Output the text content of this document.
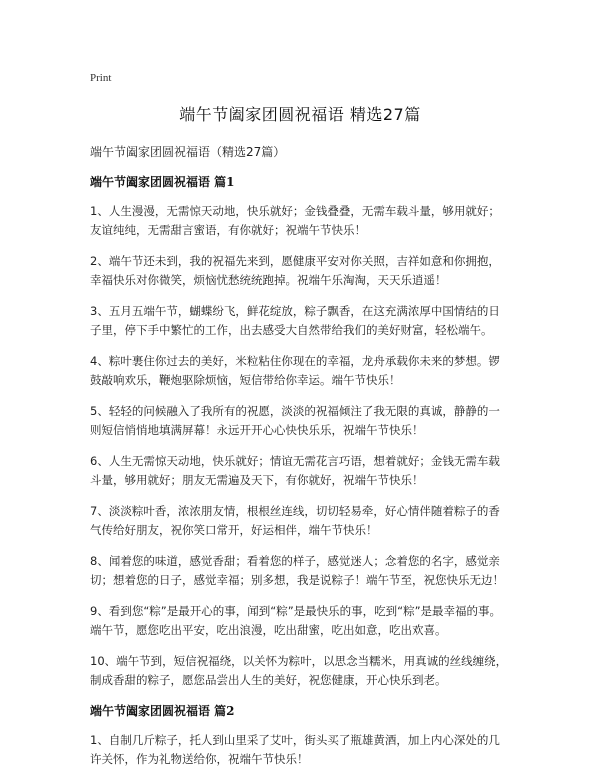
Print
端午节阖家团圆祝福语 精选27篇

端午节阖家团圆祝福语（精选27篇）

端午节阖家团圆祝福语 篇1

1、人生漫漫，无需惊天动地，快乐就好；金钱叠叠，无需车载斗量，够用就好；友谊纯纯，无需甜言蜜语，有你就好；祝端午节快乐！

2、端午节还未到，我的祝福先来到，愿健康平安对你关照，吉祥如意和你拥抱，幸福快乐对你微笑，烦恼忧愁统统跑掉。祝端午乐淘淘，天天乐逍遥！

3、五月五端午节，蝴蝶纷飞，鲜花绽放，粽子飘香，在这充满浓厚中国情结的日子里，停下手中繁忙的工作，出去感受大自然带给我们的美好财富，轻松端午。

4、粽叶裹住你过去的美好，米粒粘住你现在的幸福，龙舟承载你未来的梦想。锣鼓敲响欢乐，鞭炮驱除烦恼，短信带给你幸运。端午节快乐！

5、轻轻的问候融入了我所有的祝愿，淡淡的祝福倾注了我无限的真诚，静静的一则短信悄悄地填满屏幕！永远开开心心快快乐乐，祝端午节快乐！

6、人生无需惊天动地，快乐就好；情谊无需花言巧语，想着就好；金钱无需车载斗量，够用就好；朋友无需遍及天下，有你就好，祝端午节快乐！

7、淡淡粽叶香，浓浓朋友情，根根丝连线，切切轻易牵，好心情伴随着粽子的香气传给好朋友，祝你笑口常开，好运相伴，端午节快乐！

8、闻着您的味道，感觉香甜；看着您的样子，感觉迷人；念着您的名字，感觉亲切；想着您的日子，感觉幸福；别多想，我是说粽子！端午节至，祝您快乐无边！

9、看到您“粽”是最开心的事，闻到“粽”是最快乐的事，吃到“粽”是最幸福的事。端午节，愿您吃出平安，吃出浪漫，吃出甜蜜，吃出如意，吃出欢喜。

10、端午节到，短信祝福绕，以关怀为粽叶，以思念当糯米，用真诚的丝线缠绕，制成香甜的粽子，愿您品尝出人生的美好，祝您健康，开心快乐到老。

端午节阖家团圆祝福语 篇2

1、自制几斤粽子，托人到山里采了艾叶，街头买了瓶雄黄酒，加上内心深处的几许关怀，作为礼物送给你，祝端午节快乐！
